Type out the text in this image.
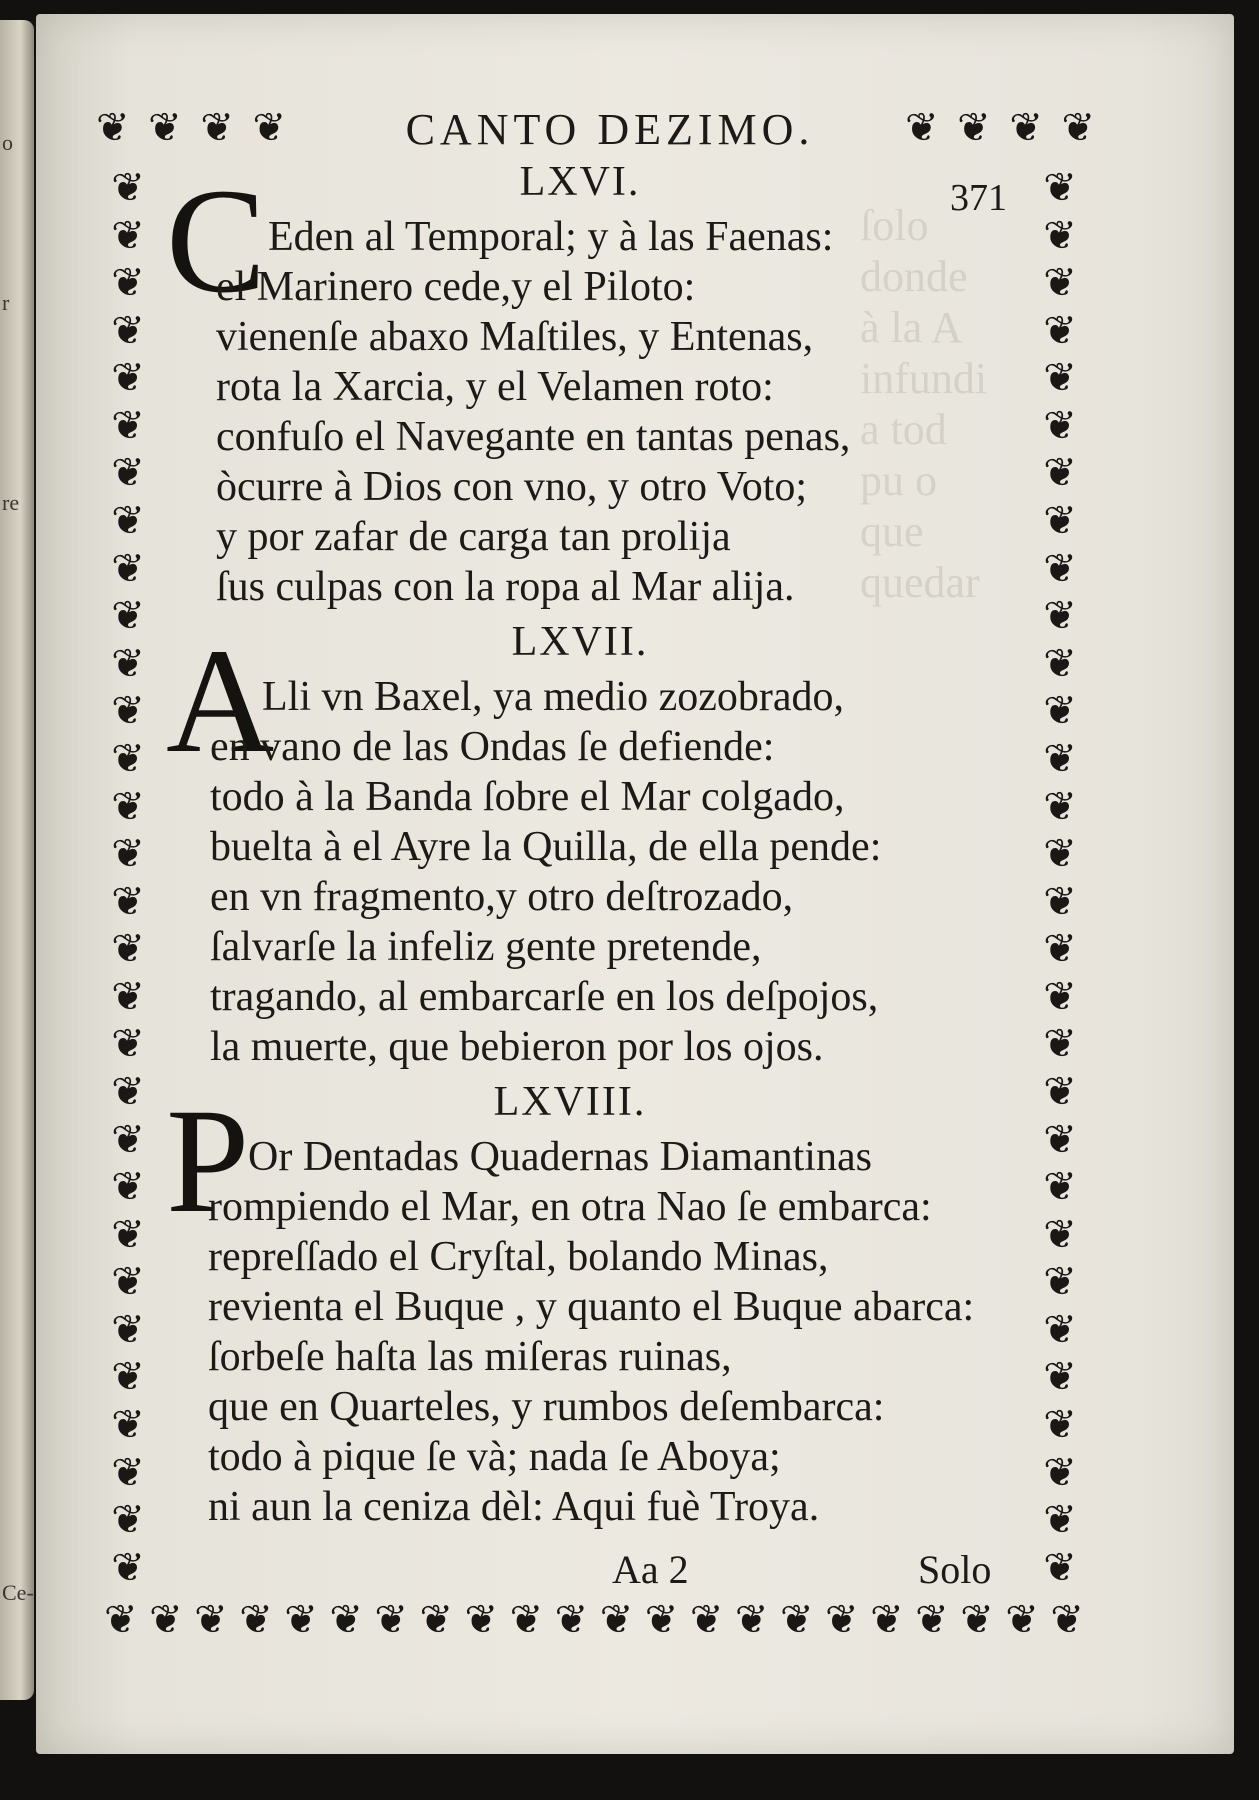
o
r
re
Ce-
ſolo
donde
à la A
infundi
a tod
pu o
que
quedar
❦ ❦ ❦ ❦	❦ ❦ ❦ ❦
❦
❦
❦
❦
❦
❦
❦
❦
❦
❦
❦
❦
❦
❦
❦
❦
❦
❦
❦
❦
❦
❦
❦
❦
❦
❦
❦
❦
❦
❦
❦
❦
❦
❦
❦
❦
❦
❦
❦
❦
❦
❦
❦
❦
❦
❦
❦
❦
❦
❦
❦
❦
❦
❦
❦
❦
❦
❦
❦
❦
❦ ❦ ❦ ❦ ❦ ❦ ❦ ❦ ❦ ❦ ❦ ❦ ❦ ❦ ❦ ❦ ❦ ❦ ❦ ❦ ❦ ❦
CANTO DEZIMO.
371
LXVI.
C Eden al Temporal; y à las Faenas:
el Marinero cede,y el Piloto:
vienenſe abaxo Maſtiles, y Entenas,
rota la Xarcia, y el Velamen roto:
confuſo el Navegante en tantas penas,
òcurre à Dios con vno, y otro Voto;
y por zafar de carga tan prolija
ſus culpas con la ropa al Mar alija.
LXVII.
A
Lli vn Baxel, ya medio zozobrado,
en vano de las Ondas ſe defiende:
todo à la Banda ſobre el Mar colgado,
buelta à el Ayre la Quilla, de ella pende:
en vn fragmento,y otro deſtrozado,
ſalvarſe la infeliz gente pretende,
tragando, al embarcarſe en los deſpojos,
la muerte, que bebieron por los ojos.
LXVIII.
P
Or Dentadas Quadernas Diamantinas
rompiendo el Mar, en otra Nao ſe embarca:
repreſſado el Cryſtal, bolando Minas,
revienta el Buque , y quanto el Buque abarca:
ſorbeſe haſta las miſeras ruinas,
que en Quarteles, y rumbos deſembarca:
todo à pique ſe và; nada ſe Aboya;
ni aun la ceniza dèl: Aqui fuè Troya.
Aa 2	Solo
